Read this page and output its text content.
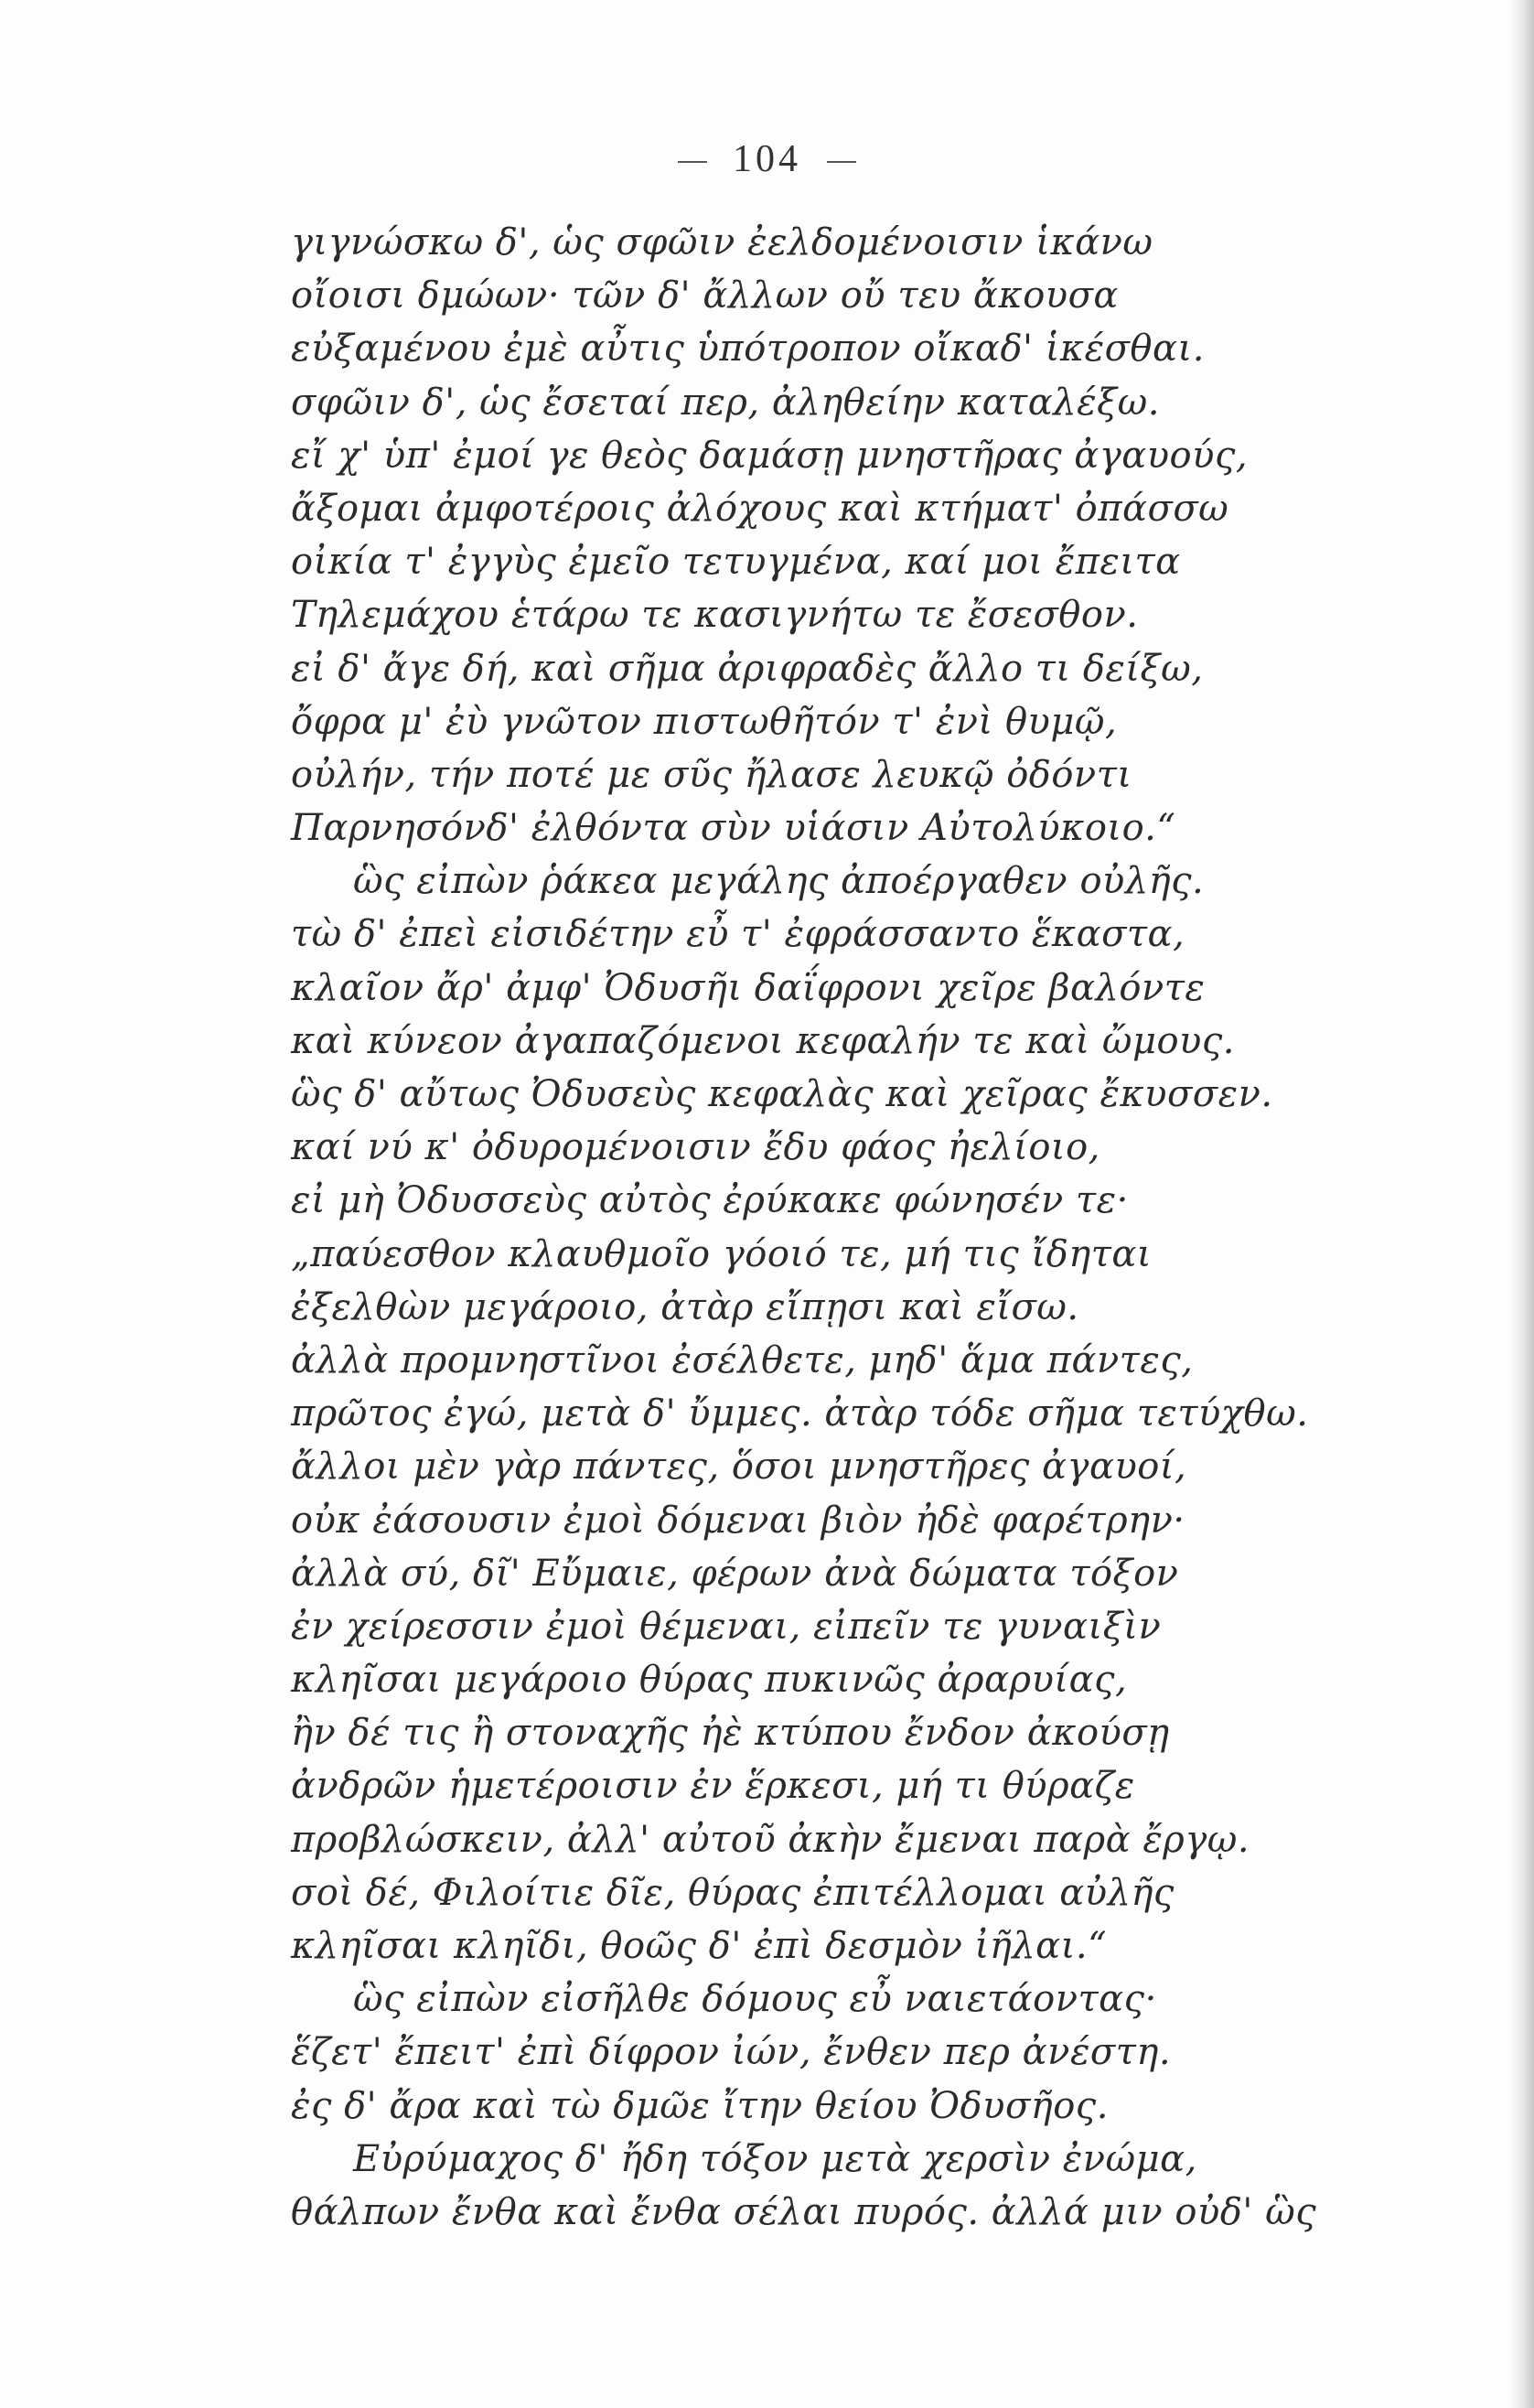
104
γιγνώσκω δ', ὡς σφῶιν ἐελδομένοισιν ἱκάνω
οἴοισι δμώων· τῶν δ' ἄλλων οὔ τευ ἄκουσα
εὐξαμένου ἐμὲ αὖτις ὑπότροπον οἴκαδ' ἱκέσθαι.
σφῶιν δ', ὡς ἔσεταί περ, ἀληθείην καταλέξω.
εἴ χ' ὑπ' ἐμοί γε θεὸς δαμάσῃ μνηστῆρας ἀγαυούς,
ἄξομαι ἀμφοτέροις ἀλόχους καὶ κτήματ' ὀπάσσω
οἰκία τ' ἐγγὺς ἐμεῖο τετυγμένα, καί μοι ἔπειτα
Τηλεμάχου ἑτάρω τε κασιγνήτω τε ἔσεσθον.
εἰ δ' ἄγε δή, καὶ σῆμα ἀριφραδὲς ἄλλο τι δείξω,
ὄφρα μ' ἐὺ γνῶτον πιστωθῆτόν τ' ἐνὶ θυμῷ,
οὐλήν, τήν ποτέ με σῦς ἤλασε λευκῷ ὀδόντι
Παρνησόνδ' ἐλθόντα σὺν υἱάσιν Αὐτολύκοιο.“
ὣς εἰπὼν ῥάκεα μεγάλης ἀποέργαθεν οὐλῆς.
τὼ δ' ἐπεὶ εἰσιδέτην εὖ τ' ἐφράσσαντο ἕκαστα,
κλαῖον ἄρ' ἀμφ' Ὀδυσῆι δαΐφρονι χεῖρε βαλόντε
καὶ κύνεον ἀγαπαζόμενοι κεφαλήν τε καὶ ὤμους.
ὣς δ' αὔτως Ὀδυσεὺς κεφαλὰς καὶ χεῖρας ἔκυσσεν.
καί νύ κ' ὀδυρομένοισιν ἔδυ φάος ἠελίοιο,
εἰ μὴ Ὀδυσσεὺς αὐτὸς ἐρύκακε φώνησέν τε·
„παύεσθον κλαυθμοῖο γόοιό τε, μή τις ἴδηται
ἐξελθὼν μεγάροιο, ἀτὰρ εἴπῃσι καὶ εἴσω.
ἀλλὰ προμνηστῖνοι ἐσέλθετε, μηδ' ἅμα πάντες,
πρῶτος ἐγώ, μετὰ δ' ὔμμες. ἀτὰρ τόδε σῆμα τετύχθω.
ἄλλοι μὲν γὰρ πάντες, ὅσοι μνηστῆρες ἀγαυοί,
οὐκ ἐάσουσιν ἐμοὶ δόμεναι βιὸν ἠδὲ φαρέτρην·
ἀλλὰ σύ, δῖ' Εὔμαιε, φέρων ἀνὰ δώματα τόξον
ἐν χείρεσσιν ἐμοὶ θέμεναι, εἰπεῖν τε γυναιξὶν
κληῖσαι μεγάροιο θύρας πυκινῶς ἀραρυίας,
ἢν δέ τις ἢ στοναχῆς ἠὲ κτύπου ἔνδον ἀκούσῃ
ἀνδρῶν ἡμετέροισιν ἐν ἕρκεσι, μή τι θύραζε
προβλώσκειν, ἀλλ' αὐτοῦ ἀκὴν ἔμεναι παρὰ ἔργῳ.
σοὶ δέ, Φιλοίτιε δῖε, θύρας ἐπιτέλλομαι αὐλῆς
κληῖσαι κληῖδι, θοῶς δ' ἐπὶ δεσμὸν ἰῆλαι.“
ὣς εἰπὼν εἰσῆλθε δόμους εὖ ναιετάοντας·
ἕζετ' ἔπειτ' ἐπὶ δίφρον ἰών, ἔνθεν περ ἀνέστη.
ἐς δ' ἄρα καὶ τὼ δμῶε ἴτην θείου Ὀδυσῆος.
Εὐρύμαχος δ' ἤδη τόξον μετὰ χερσὶν ἐνώμα,
θάλπων ἔνθα καὶ ἔνθα σέλαι πυρός. ἀλλά μιν οὐδ' ὣς
